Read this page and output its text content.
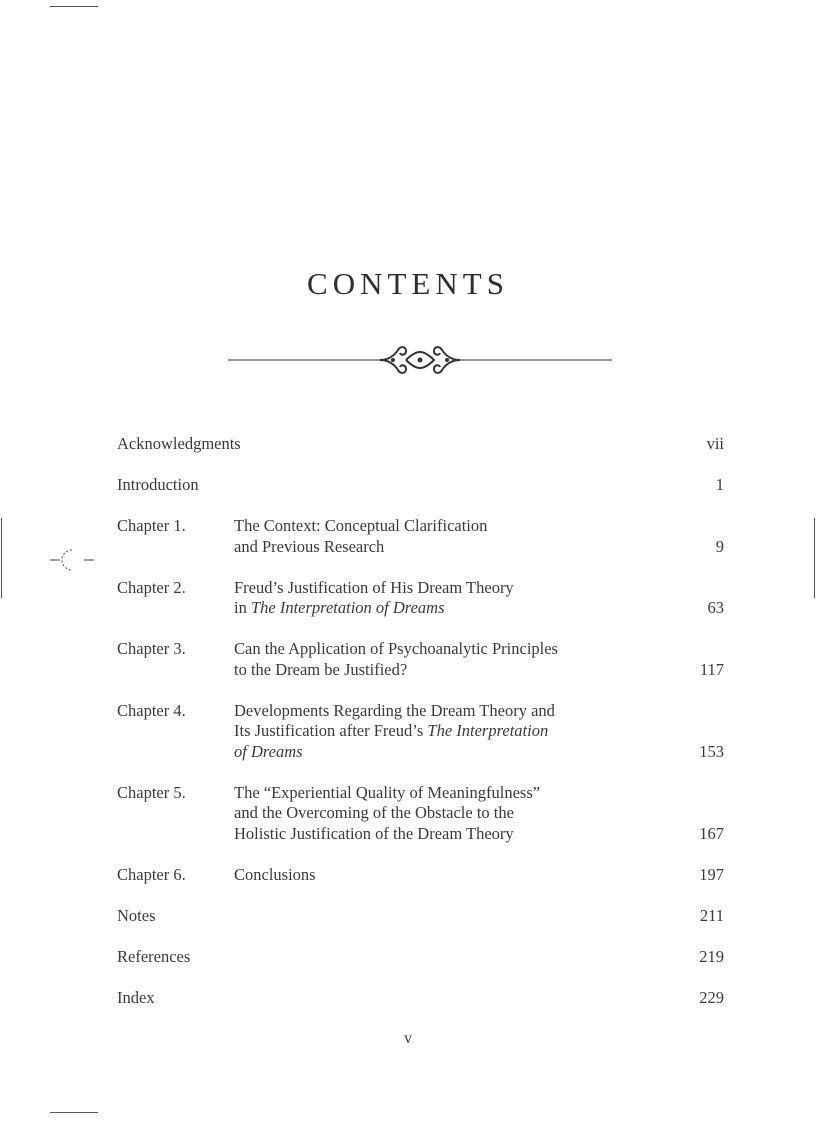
CONTENTS
Acknowledgments	vii
Introduction	1
Chapter 1.	The Context: Conceptual Clarification
and Previous Research	9
Chapter 2.	Freud’s Justification of His Dream Theory
in The Interpretation of Dreams	63
Chapter 3.	Can the Application of Psychoanalytic Principles
to the Dream be Justified?	117
Chapter 4.	Developments Regarding the Dream Theory and
Its Justification after Freud’s The Interpretation
of Dreams	153
Chapter 5.	The “Experiential Quality of Meaningfulness”
and the Overcoming of the Obstacle to the
Holistic Justification of the Dream Theory	167
Chapter 6.	Conclusions	197
Notes	211
References	219
Index	229
v
